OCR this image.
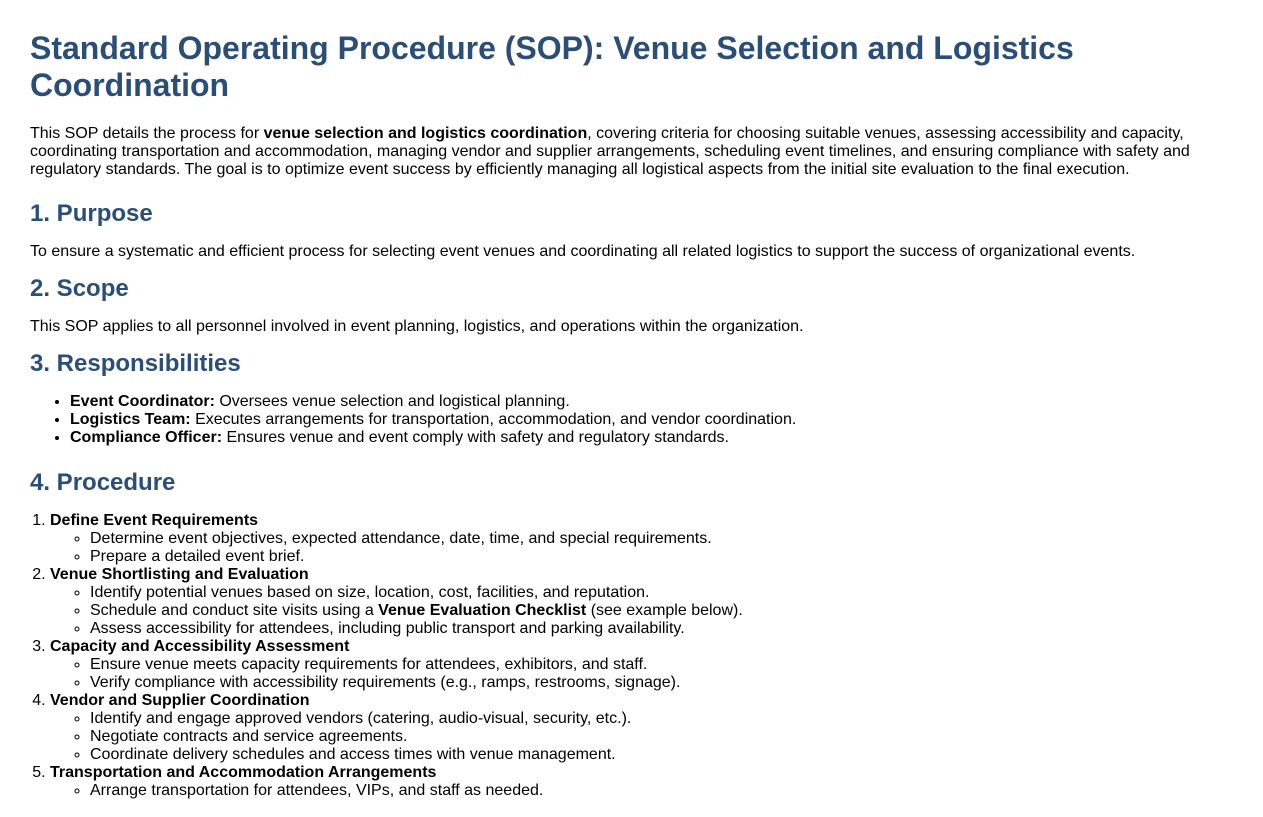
Standard Operating Procedure (SOP): Venue Selection and Logistics Coordination

This SOP details the process for venue selection and logistics coordination, covering criteria for choosing suitable venues, assessing accessibility and capacity, coordinating transportation and accommodation, managing vendor and supplier arrangements, scheduling event timelines, and ensuring compliance with safety and regulatory standards. The goal is to optimize event success by efficiently managing all logistical aspects from the initial site evaluation to the final execution.

1. Purpose

To ensure a systematic and efficient process for selecting event venues and coordinating all related logistics to support the success of organizational events.

2. Scope

This SOP applies to all personnel involved in event planning, logistics, and operations within the organization.

3. Responsibilities
• Event Coordinator: Oversees venue selection and logistical planning.
• Logistics Team: Executes arrangements for transportation, accommodation, and vendor coordination.
• Compliance Officer: Ensures venue and event comply with safety and regulatory standards.
4. Procedure
1. Define Event Requirements
◦ Determine event objectives, expected attendance, date, time, and special requirements.
◦ Prepare a detailed event brief.
2. Venue Shortlisting and Evaluation
◦ Identify potential venues based on size, location, cost, facilities, and reputation.
◦ Schedule and conduct site visits using a Venue Evaluation Checklist (see example below).
◦ Assess accessibility for attendees, including public transport and parking availability.
3. Capacity and Accessibility Assessment
◦ Ensure venue meets capacity requirements for attendees, exhibitors, and staff.
◦ Verify compliance with accessibility requirements (e.g., ramps, restrooms, signage).
4. Vendor and Supplier Coordination
◦ Identify and engage approved vendors (catering, audio-visual, security, etc.).
◦ Negotiate contracts and service agreements.
◦ Coordinate delivery schedules and access times with venue management.
5. Transportation and Accommodation Arrangements
◦ Arrange transportation for attendees, VIPs, and staff as needed.
